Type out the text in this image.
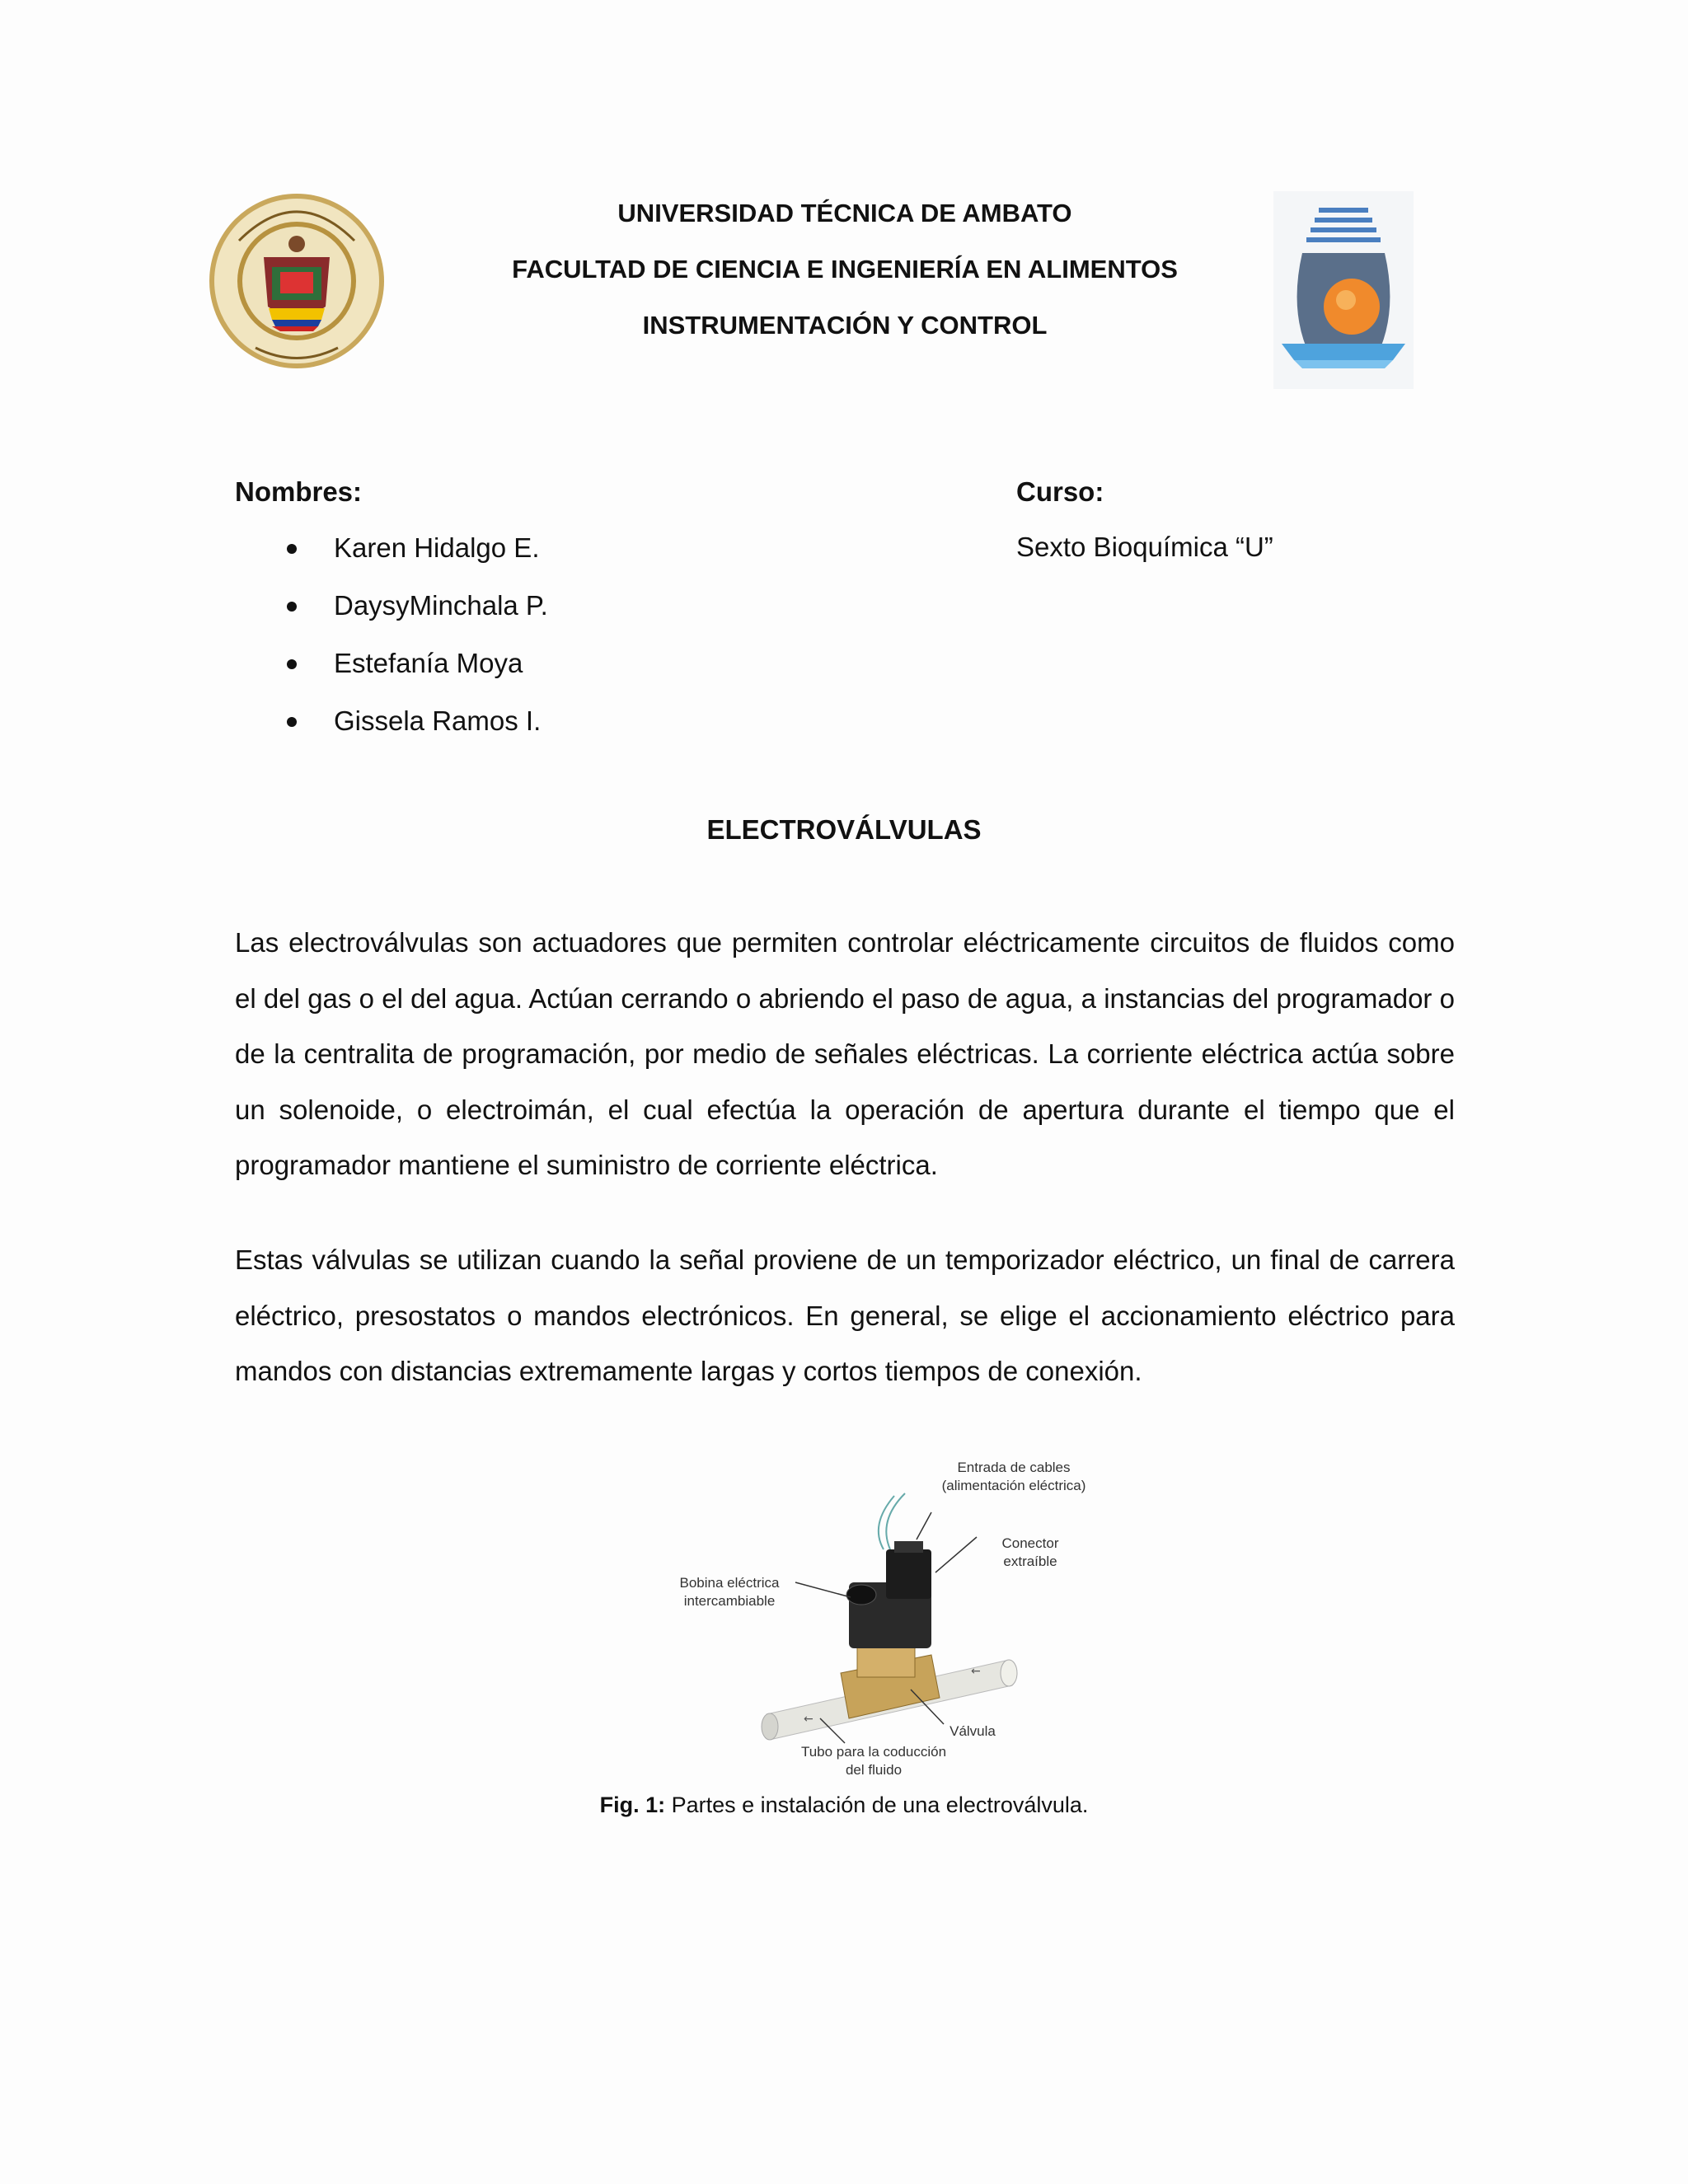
UNIVERSIDAD TÉCNICA DE AMBATO
FACULTAD DE CIENCIA E INGENIERÍA EN ALIMENTOS
INSTRUMENTACIÓN Y CONTROL
Nombres:
Karen Hidalgo E.
DaysyMinchala P.
Estefanía Moya
Gissela Ramos I.
Curso:
Sexto Bioquímica “U”
ELECTROVÁLVULAS

Las electroválvulas son actuadores que permiten controlar eléctricamente circuitos de fluidos como el del gas o el del agua. Actúan cerrando o abriendo el paso de agua, a instancias del programador o de la centralita de programación, por medio de señales eléctricas. La corriente eléctrica actúa sobre un solenoide, o electroimán, el cual efectúa la operación de apertura durante el tiempo que el programador mantiene el suministro de corriente eléctrica.

Estas válvulas se utilizan cuando la señal proviene de un temporizador eléctrico, un final de carrera eléctrico, presostatos o mandos electrónicos. En general, se elige el accionamiento eléctrico para mandos con distancias extremamente largas y cortos tiempos de conexión.

←
←
Entrada de cables
(alimentación eléctrica)
Conector
extraíble
Bobina eléctrica
intercambiable
Válvula
Tubo para la coducción
del fluido
Fig. 1: Partes e instalación de una electroválvula.
